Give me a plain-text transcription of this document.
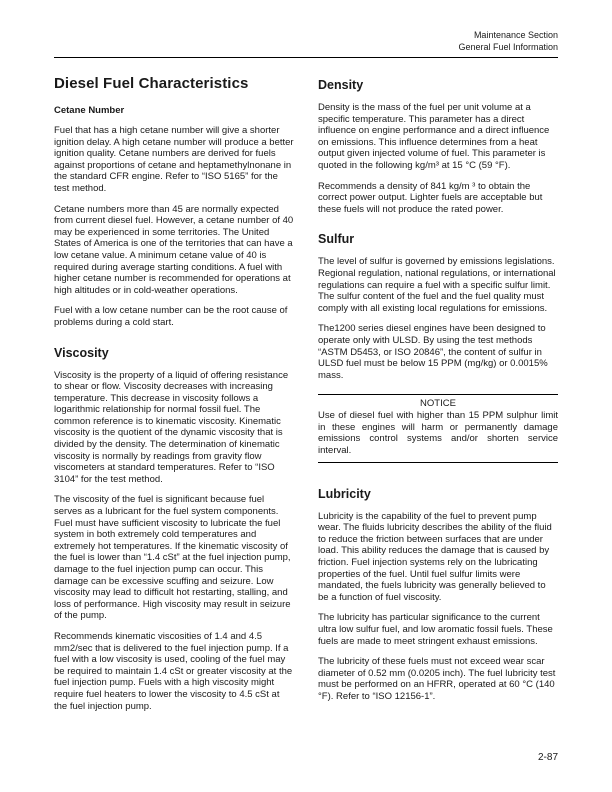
Maintenance Section
General Fuel Information
Diesel Fuel Characteristics
Cetane Number

Fuel that has a high cetane number will give a shorter ignition delay. A high cetane number will produce a better ignition quality. Cetane numbers are derived for fuels against proportions of cetane and heptamethylnonane in the standard CFR engine. Refer to “ISO 5165” for the test method.

Cetane numbers more than 45 are normally expected from current diesel fuel. However, a cetane number of 40 may be experienced in some territories. The United States of America is one of the territories that can have a low cetane value. A minimum cetane value of 40 is required during average starting conditions. A fuel with higher cetane number is recommended for operations at high altitudes or in cold-weather operations.

Fuel with a low cetane number can be the root cause of problems during a cold start.

Viscosity

Viscosity is the property of a liquid of offering resistance to shear or flow. Viscosity decreases with increasing temperature. This decrease in viscosity follows a logarithmic relationship for normal fossil fuel. The common reference is to kinematic viscosity. Kinematic viscosity is the quotient of the dynamic viscosity that is divided by the density. The determination of kinematic viscosity is normally by readings from gravity flow viscometers at standard temperatures. Refer to “ISO 3104” for the test method.

The viscosity of the fuel is significant because fuel serves as a lubricant for the fuel system components. Fuel must have sufficient viscosity to lubricate the fuel system in both extremely cold temperatures and extremely hot temperatures. If the kinematic viscosity of the fuel is lower than “1.4 cSt” at the fuel injection pump, damage to the fuel injection pump can occur. This damage can be excessive scuffing and seizure. Low viscosity may lead to difficult hot restarting, stalling, and loss of performance. High viscosity may result in seizure of the pump.

Recommends kinematic viscosities of 1.4 and 4.5 mm2/sec that is delivered to the fuel injection pump. If a fuel with a low viscosity is used, cooling of the fuel may be required to maintain 1.4 cSt or greater viscosity at the fuel injection pump. Fuels with a high viscosity might require fuel heaters to lower the viscosity to 4.5 cSt at the fuel injection pump.

Density

Density is the mass of the fuel per unit volume at a specific temperature. This parameter has a direct influence on engine performance and a direct influence on emissions. This influence determines from a heat output given injected volume of fuel. This parameter is quoted in the following kg/m³ at 15 °C (59 °F).

Recommends a density of 841 kg/m ³ to obtain the correct power output. Lighter fuels are acceptable but these fuels will not produce the rated power.

Sulfur

The level of sulfur is governed by emissions legislations. Regional regulation, national regulations, or international regulations can require a fuel with a specific sulfur limit. The sulfur content of the fuel and the fuel quality must comply with all existing local regulations for emissions.

The1200 series diesel engines have been designed to operate only with ULSD. By using the test methods “ASTM D5453, or ISO 20846”, the content of sulfur in ULSD fuel must be below 15 PPM (mg/kg) or 0.0015% mass.

NOTICE

Use of diesel fuel with higher than 15 PPM sulphur limit in these engines will harm or permanently damage emissions control systems and/or shorten service interval.

Lubricity

Lubricity is the capability of the fuel to prevent pump wear. The fluids lubricity describes the ability of the fluid to reduce the friction between surfaces that are under load. This ability reduces the damage that is caused by friction. Fuel injection systems rely on the lubricating properties of the fuel. Until fuel sulfur limits were mandated, the fuels lubricity was generally believed to be a function of fuel viscosity.

The lubricity has particular significance to the current ultra low sulfur fuel, and low aromatic fossil fuels. These fuels are made to meet stringent exhaust emissions.

The lubricity of these fuels must not exceed wear scar diameter of 0.52 mm (0.0205 inch). The fuel lubricity test must be performed on an HFRR, operated at 60 °C (140 °F). Refer to “ISO 12156-1”.

2-87
